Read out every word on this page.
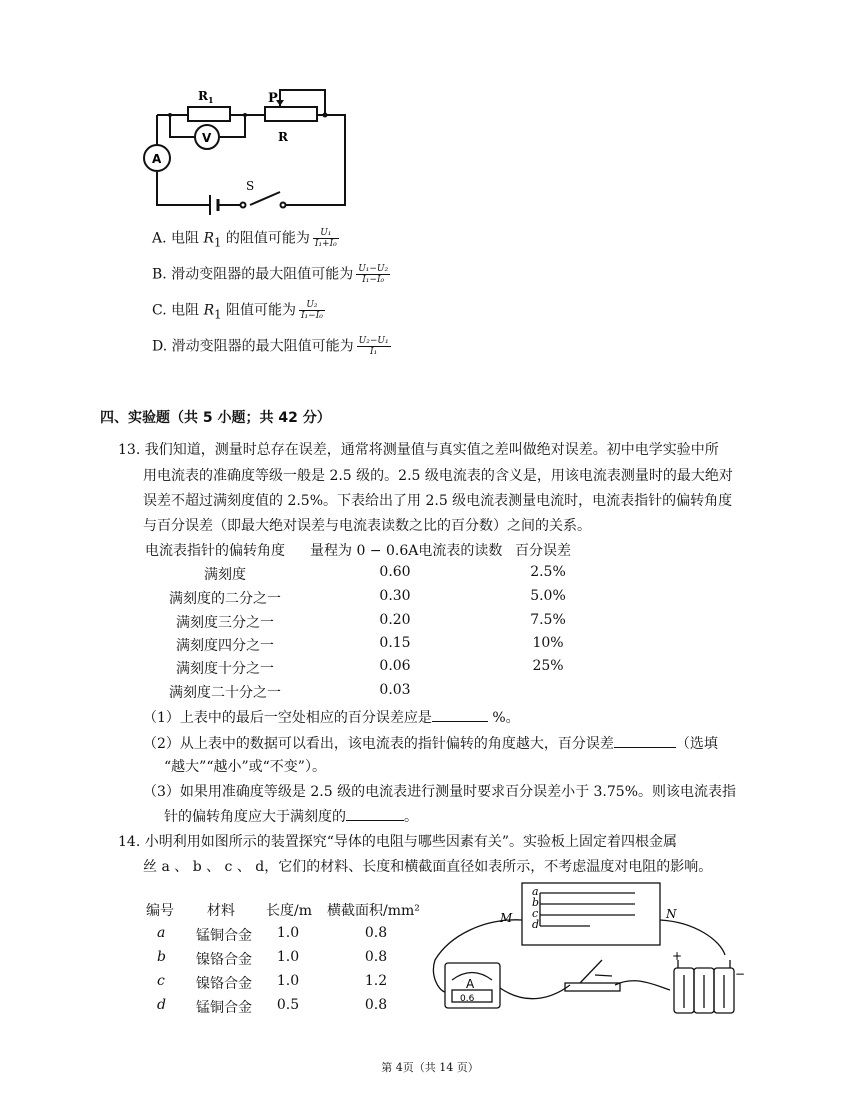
R 1	P
R
V
A
S
A. 电阻 $R_1$ 的阻值可能为 $\frac{\text{U₁}}{\text{I₁+I₀}}$
B. 滑动变阻器的最大阻值可能为 $\frac{\text{U₁−U₂}}{\text{I₁−I₀}}$
C. 电阻 $R_1$ 阻值可能为 $\frac{\text{U₂}}{\text{I₁−I₀}}$
D. 滑动变阻器的最大阻值可能为 $\frac{\text{U₂−U₁}}{\text{I₁}}$
四、实验题（共 5 小题；共 42 分）
13. 我们知道，测量时总存在误差，通常将测量值与真实值之差叫做绝对误差。初中电学实验中所
用电流表的准确度等级一般是 2.5 级的。2.5 级电流表的含义是，用该电流表测量时的最大绝对
误差不超过满刻度值的 2.5%。下表给出了用 2.5 级电流表测量电流时，电流表指针的偏转角度
与百分误差（即最大绝对误差与电流表读数之比的百分数）之间的关系。
电流表指针的偏转角度 量程为 0 − 0.6A电流表的读数 百分误差
满刻度	0.60	2.5%
满刻度的二分之一	0.30	5.0%
满刻度三分之一	0.20	7.5%
满刻度四分之一	0.15	10%
满刻度十分之一	0.06	25%
满刻度二十分之一	0.03
（1）上表中的最后一空处相应的百分误差应是	%。
（2）从上表中的数据可以看出，该电流表的指针偏转的角度越大，百分误差	（选填
“越大”“越小”或“不变”）。
（3）如果用准确度等级是 2.5 级的电流表进行测量时要求百分误差小于 3.75%。则该电流表指
针的偏转角度应大于满刻度的	。
14. 小明利用如图所示的装置探究“导体的电阻与哪些因素有关”。实验板上固定着四根金属
丝 a 、 b 、 c 、 d，它们的材料、长度和横截面直径如表所示，不考虑温度对电阻的影响。
编号 材料 长度/m 横截面积/mm²
a 锰铜合金	1.0	0.8
b 镍铬合金	1.0	0.8
c 镍铬合金	1.0	1.2
d 锰铜合金	0.5	0.8
a
b
c
d
M	N
A
0.6
+
−
第 4页（共 14 页）
